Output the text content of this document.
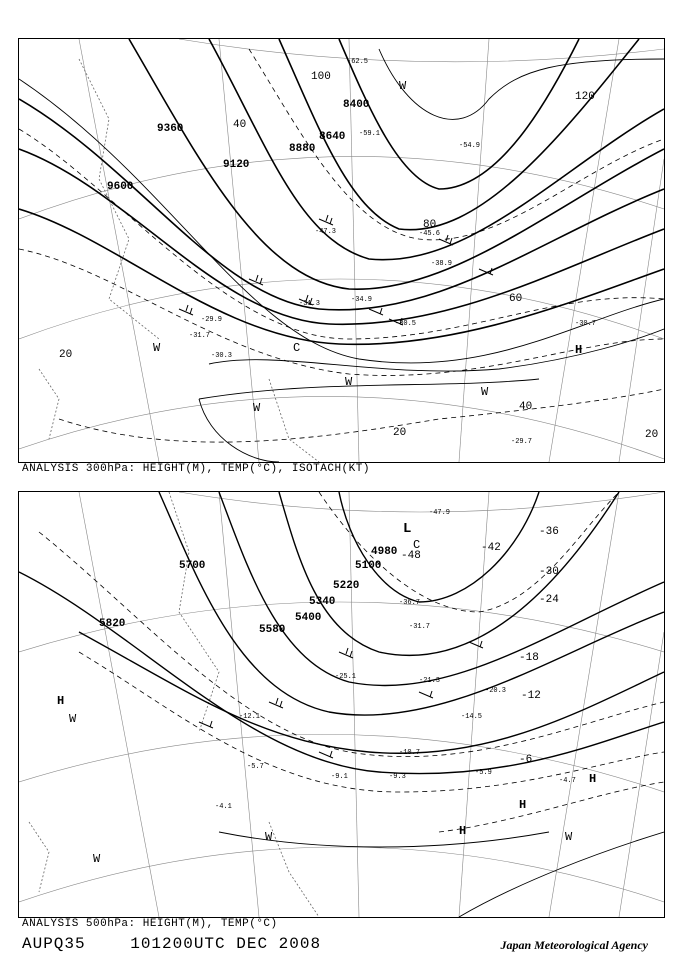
9600
9360
9120
8880
8640
8400
20
40
60
80
100
120
20
40
20
-29.9
-31.3	-34.9
-38.9
-45.6
-47.3
-54.9
-59.1
-62.5
-30.5
-31.7
-30.3
-30.7
-29.7
H
C
W
W
W
W
W
ANALYSIS 300hPa: HEIGHT(M), TEMP(°C), ISOTACH(KT)
5820
5700
5580
5400
5340
5220
5100
4980 -48
-42
-36
-30
-24
-18
-12
-6
-47.9
-36.7
-31.7
-25.1	-21.3
-20.3
-14.5
-12.1
-10.7
-9.3
-9.1
-5.7
-5.9
-4.7
-4.1
H
H
H
H
L
C
W
W
W	W
ANALYSIS 500hPa: HEIGHT(M), TEMP(°C)
AUPQ35	101200UTC DEC 2008	Japan Meteorological Agency
